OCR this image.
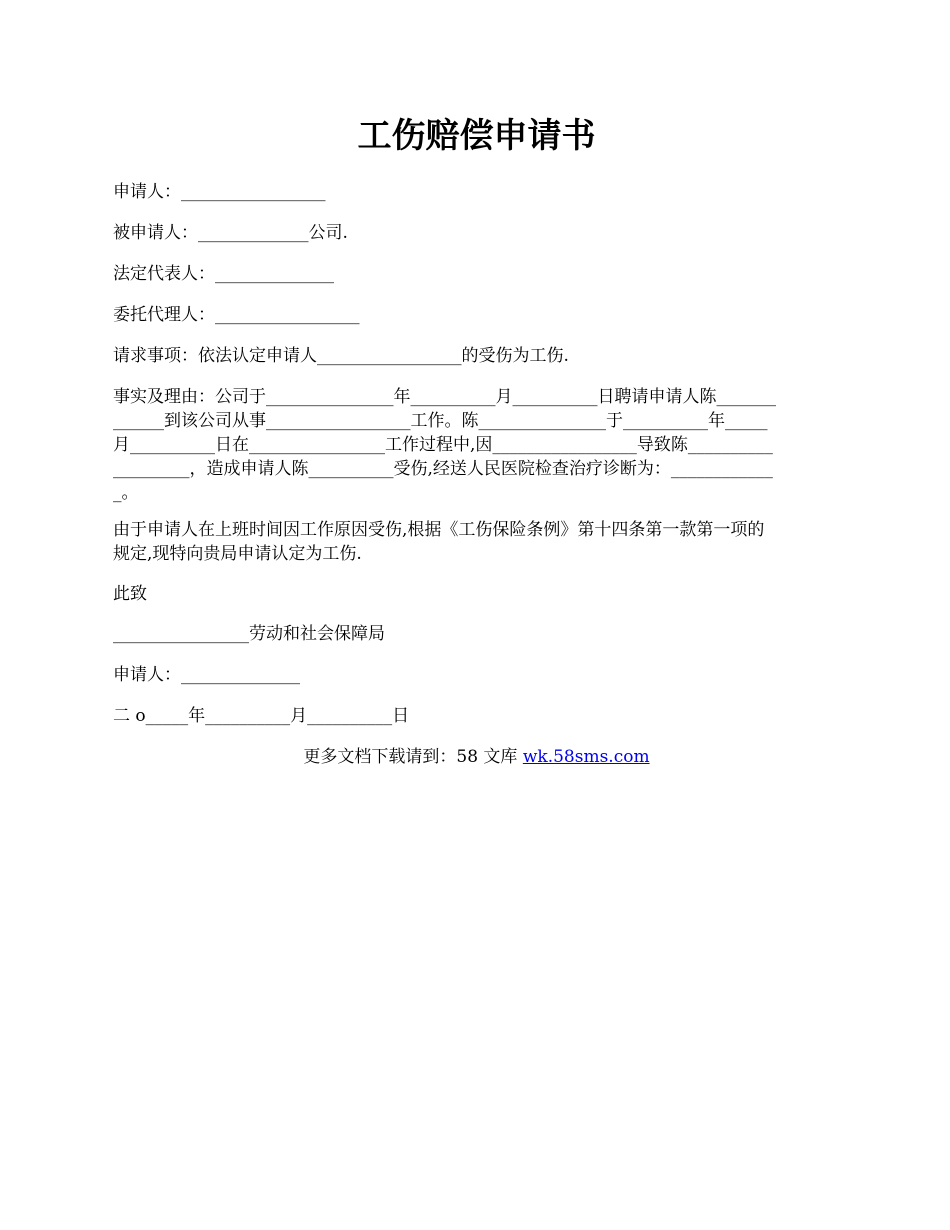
工伤赔偿申请书

申请人：_________________

被申请人：_____________公司.

法定代表人：______________

委托代理人：_________________

请求事项：依法认定申请人_________________的受伤为工伤.

事实及理由：公司于_______________年__________月__________日聘请申请人陈_______

______到该公司从事_________________工作。陈_______________于__________年_____

月__________日在________________工作过程中,因_________________导致陈__________

_________，造成申请人陈__________受伤,经送人民医院检查治疗诊断为：____________

_。

由于申请人在上班时间因工作原因受伤,根据《工伤保险条例》第十四条第一款第一项的

规定,现特向贵局申请认定为工伤.

此致

________________劳动和社会保障局

申请人：______________

二 o_____年__________月__________日

更多文档下载请到：58 文库 wk.58sms.com
